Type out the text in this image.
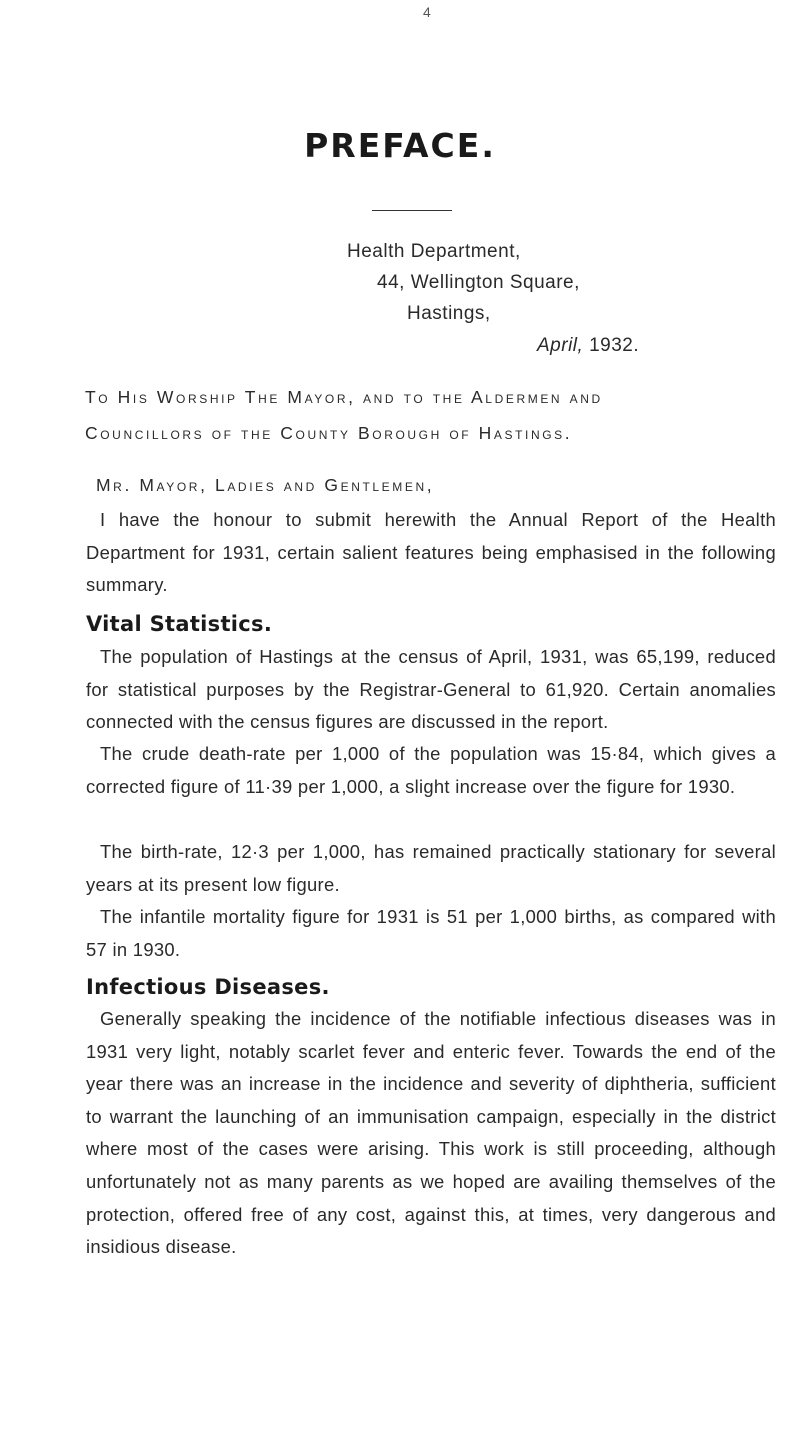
4
PREFACE.
Health Department,
44, Wellington Square,
Hastings,
April, 1932.
To His Worship The Mayor, and to the Aldermen and
Councillors of the County Borough of Hastings.
Mr. Mayor, Ladies and Gentlemen,
I have the honour to submit herewith the Annual Report of the Health Department for 1931, certain salient features being emphasised in the following summary.
Vital Statistics.
The population of Hastings at the census of April, 1931, was 65,199, reduced for statistical purposes by the Registrar-General to 61,920. Certain anomalies connected with the census figures are discussed in the report.
The crude death-rate per 1,000 of the population was 15·84, which gives a corrected figure of 11·39 per 1,000, a slight increase over the figure for 1930.
The birth-rate, 12·3 per 1,000, has remained practically stationary for several years at its present low figure.
The infantile mortality figure for 1931 is 51 per 1,000 births, as compared with 57 in 1930.
Infectious Diseases.
Generally speaking the incidence of the notifiable infectious diseases was in 1931 very light, notably scarlet fever and enteric fever. Towards the end of the year there was an increase in the incidence and severity of diphtheria, sufficient to warrant the launching of an immunisation campaign, especially in the district where most of the cases were arising. This work is still proceeding, although unfortunately not as many parents as we hoped are availing themselves of the protection, offered free of any cost, against this, at times, very dangerous and insidious disease.
